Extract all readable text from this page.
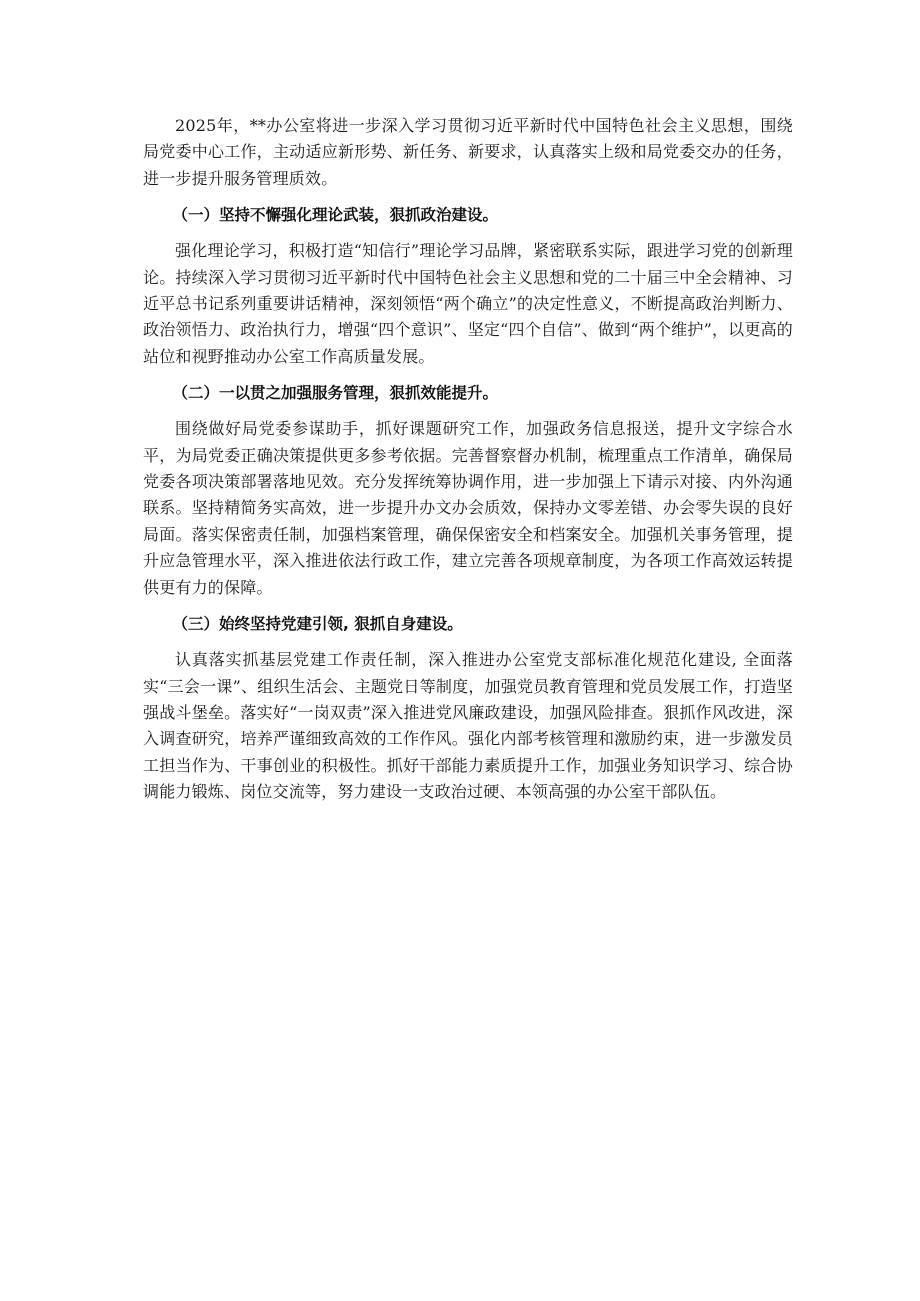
2025年，**办公室将进一步深入学习贯彻习近平新时代中国特色社会主义思想，围绕局党委中心工作，主动适应新形势、新任务、新要求，认真落实上级和局党委交办的任务，进一步提升服务管理质效。

（一）坚持不懈强化理论武装，狠抓政治建设。

强化理论学习，积极打造“知信行”理论学习品牌，紧密联系实际，跟进学习党的创新理论。持续深入学习贯彻习近平新时代中国特色社会主义思想和党的二十届三中全会精神、习近平总书记系列重要讲话精神，深刻领悟“两个确立”的决定性意义，不断提高政治判断力、政治领悟力、政治执行力，增强“四个意识”、坚定“四个自信”、做到“两个维护”，以更高的站位和视野推动办公室工作高质量发展。

（二）一以贯之加强服务管理，狠抓效能提升。

围绕做好局党委参谋助手，抓好课题研究工作，加强政务信息报送，提升文字综合水平，为局党委正确决策提供更多参考依据。完善督察督办机制，梳理重点工作清单，确保局党委各项决策部署落地见效。充分发挥统筹协调作用，进一步加强上下请示对接、内外沟通联系。坚持精简务实高效，进一步提升办文办会质效，保持办文零差错、办会零失误的良好局面。落实保密责任制，加强档案管理，确保保密安全和档案安全。加强机关事务管理，提升应急管理水平，深入推进依法行政工作，建立完善各项规章制度，为各项工作高效运转提供更有力的保障。

（三）始终坚持党建引领, 狠抓自身建设。

认真落实抓基层党建工作责任制，深入推进办公室党支部标准化规范化建设, 全面落实“三会一课”、组织生活会、主题党日等制度，加强党员教育管理和党员发展工作，打造坚强战斗堡垒。落实好“一岗双责”深入推进党风廉政建设，加强风险排查。狠抓作风改进，深入调查研究，培养严谨细致高效的工作作风。强化内部考核管理和激励约束，进一步激发员工担当作为、干事创业的积极性。抓好干部能力素质提升工作，加强业务知识学习、综合协调能力锻炼、岗位交流等，努力建设一支政治过硬、本领高强的办公室干部队伍。
